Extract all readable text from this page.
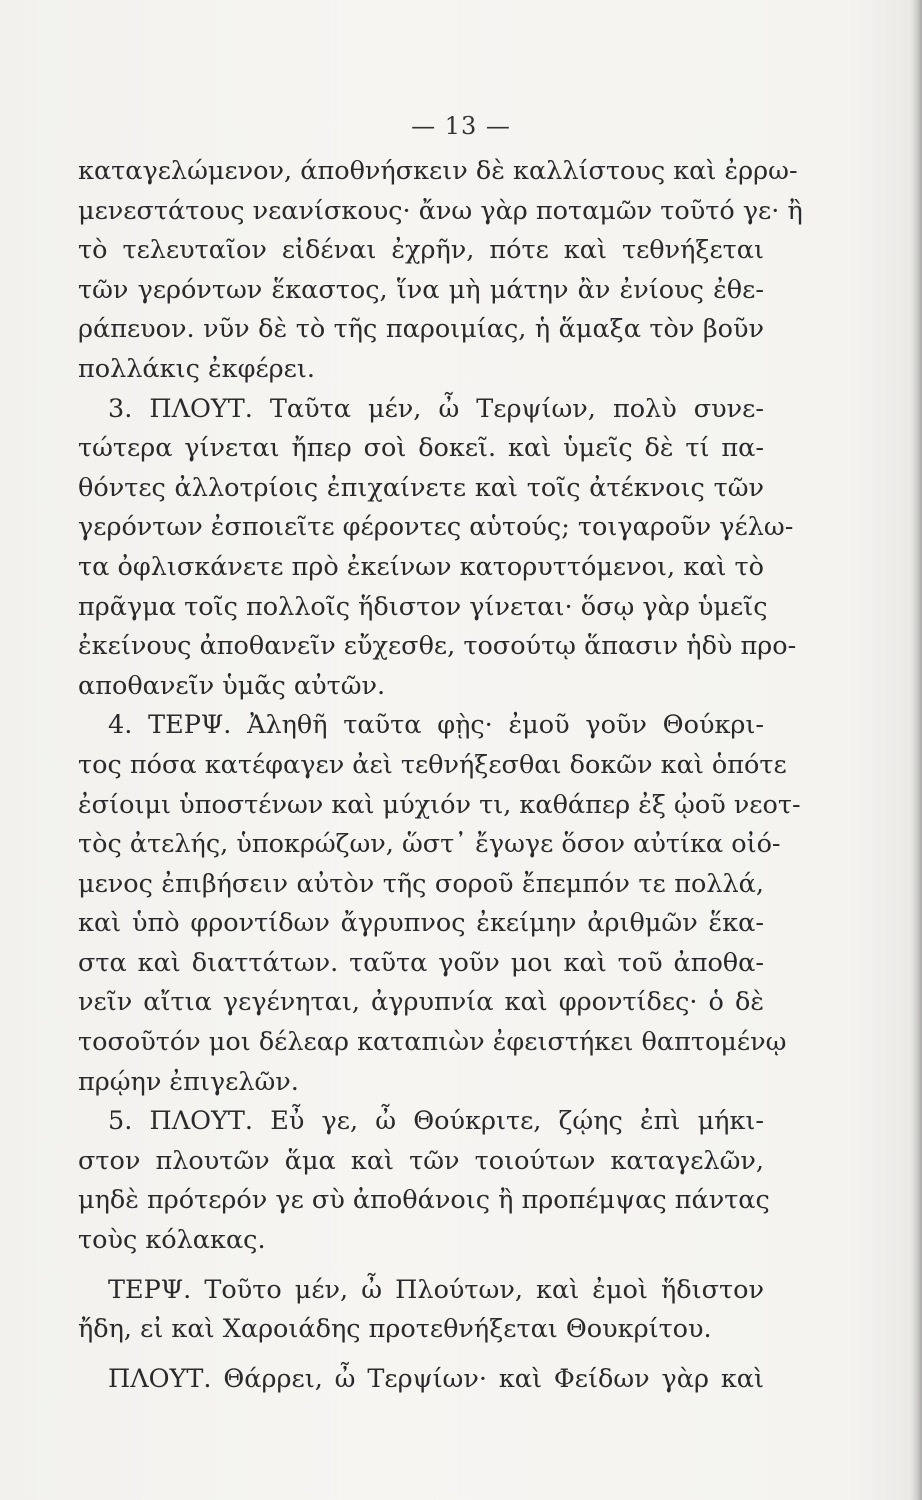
— 13 —
καταγελώμενον, άποθνήσκειν δὲ καλλίστους καὶ ἐρρω-
μενεστάτους νεανίσκους· ἄνω γὰρ ποταμῶν τοῦτό γε· ἢ
τὸ τελευταῖον εἰδέναι ἐχρῆν, πότε καὶ τεθνήξεται
τῶν γερόντων ἕκαστος, ἵνα μὴ μάτην ἂν ἐνίους ἐθε-
ράπευον. νῦν δὲ τὸ τῆς παροιμίας, ἡ ἅμαξα τὸν βοῦν
πολλάκις ἐκφέρει.
3. ΠΛΟΥΤ. Ταῦτα μέν, ὦ Τερψίων, πολὺ συνε-
τώτερα γίνεται ἤπερ σοὶ δοκεῖ. καὶ ὑμεῖς δὲ τί πα-
θόντες ἀλλοτρίοις ἐπιχαίνετε καὶ τοῖς ἀτέκνοις τῶν
γερόντων ἐσποιεῖτε φέροντες αὑτούς; τοιγαροῦν γέλω-
τα ὀφλισκάνετε πρὸ ἐκείνων κατορυττόμενοι, καὶ τὸ
πρᾶγμα τοῖς πολλοῖς ἥδιστον γίνεται· ὅσῳ γὰρ ὑμεῖς
ἐκείνους ἀποθανεῖν εὔχεσθε, τοσούτῳ ἅπασιν ἡδὺ προ-
αποθανεῖν ὑμᾶς αὐτῶν.
4. ΤΕΡΨ. Ἀληθῆ ταῦτα φῂς· ἐμοῦ γοῦν Θούκρι-
τος πόσα κατέφαγεν ἀεὶ τεθνήξεσθαι δοκῶν καὶ ὁπότε
ἐσίοιμι ὑποστένων καὶ μύχιόν τι, καθάπερ ἐξ ᾠοῦ νεοτ-
τὸς ἀτελής, ὑποκρώζων, ὥστ᾽ ἔγωγε ὅσον αὐτίκα οἰό-
μενος ἐπιβήσειν αὐτὸν τῆς σοροῦ ἔπεμπόν τε πολλά,
καὶ ὑπὸ φροντίδων ἄγρυπνος ἐκείμην ἀριθμῶν ἕκα-
στα καὶ διαττάτων. ταῦτα γοῦν μοι καὶ τοῦ ἀποθα-
νεῖν αἴτια γεγένηται, ἀγρυπνία καὶ φροντίδες· ὁ δὲ
τοσοῦτόν μοι δέλεαρ καταπιὼν ἐφειστήκει θαπτομένῳ
πρῴην ἐπιγελῶν.
5. ΠΛΟΥΤ. Εὖ γε, ὦ Θούκριτε, ζῴης ἐπὶ μήκι-
στον πλουτῶν ἅμα καὶ τῶν τοιούτων καταγελῶν,
μηδὲ πρότερόν γε σὺ ἀποθάνοις ἢ προπέμψας πάντας
τοὺς κόλακας.
ΤΕΡΨ. Τοῦτο μέν, ὦ Πλούτων, καὶ ἐμοὶ ἥδιστον
ἤδη, εἰ καὶ Χαροιάδης προτεθνήξεται Θουκρίτου.
ΠΛΟΥΤ. Θάρρει, ὦ Τερψίων· καὶ Φείδων γὰρ καὶ
